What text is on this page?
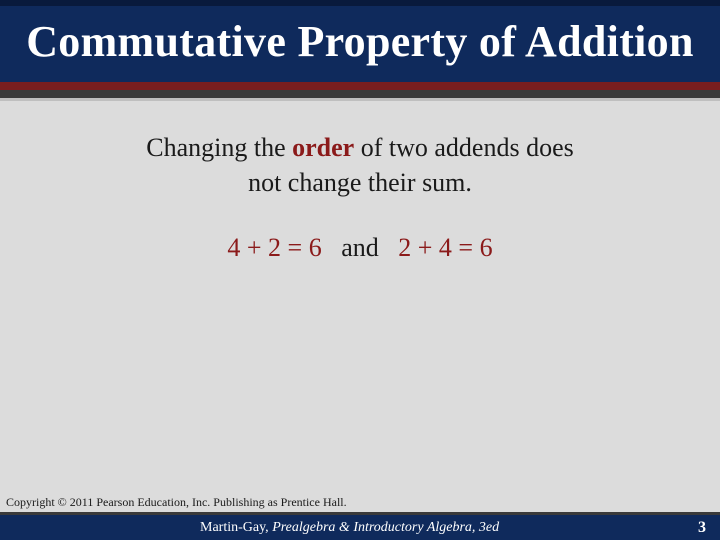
Commutative Property of Addition
Changing the order of two addends does
not change their sum.
4 + 2 = 6   and   2 + 4 = 6
Copyright © 2011 Pearson Education, Inc. Publishing as Prentice Hall.
Martin-Gay, Prealgebra & Introductory Algebra, 3ed	3
